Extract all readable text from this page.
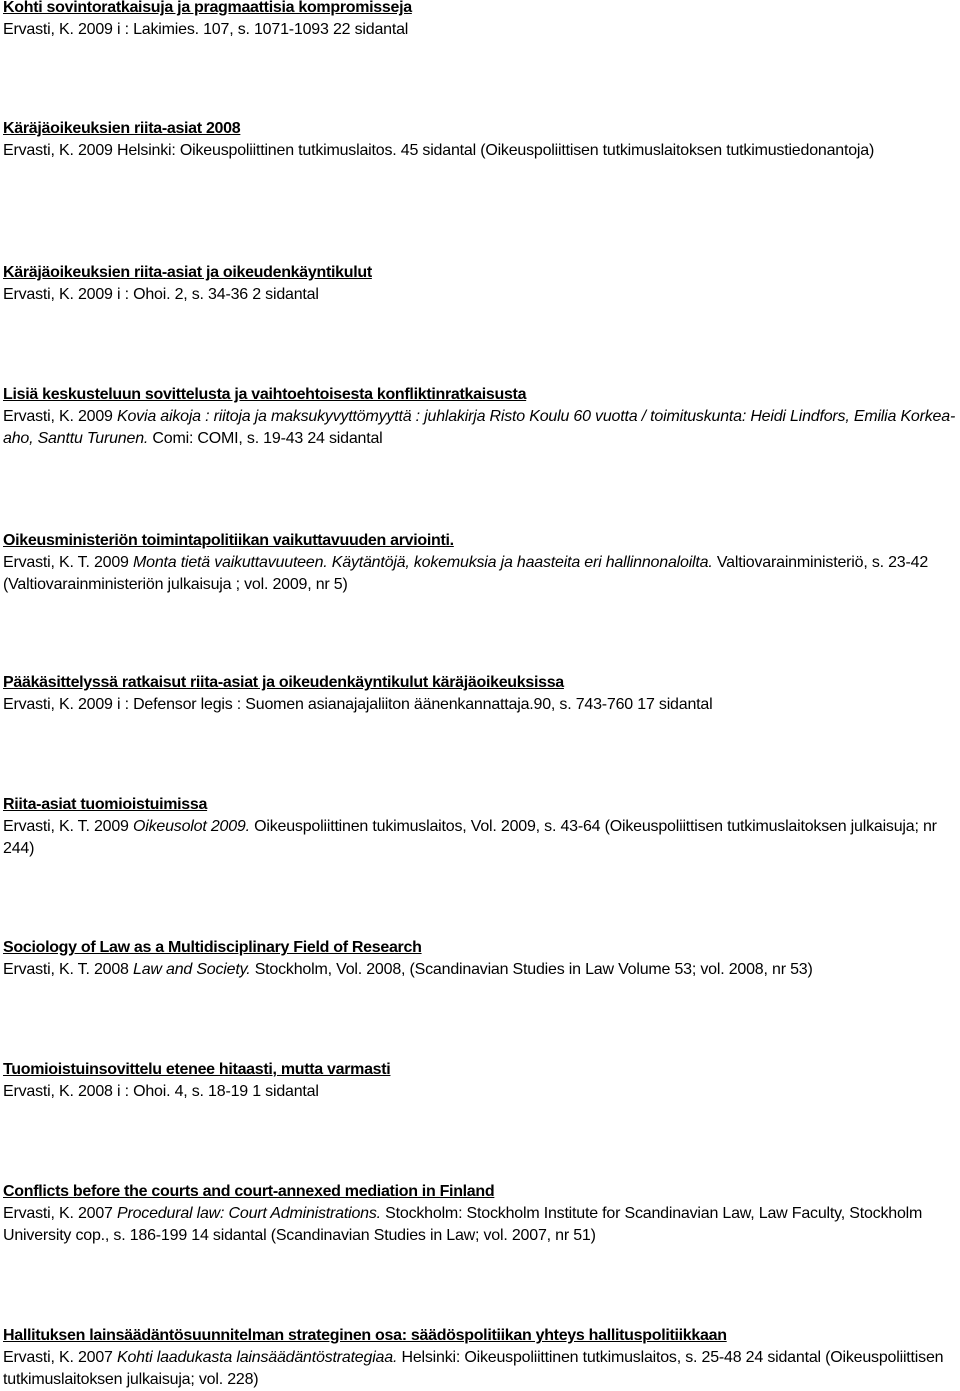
Kohti sovintoratkaisuja ja pragmaattisia kompromisseja
Ervasti, K. 2009 i : Lakimies. 107, s. 1071-1093 22 sidantal
Käräjäoikeuksien riita-asiat 2008
Ervasti, K. 2009 Helsinki: Oikeuspoliittinen tutkimuslaitos. 45 sidantal (Oikeuspoliittisen tutkimuslaitoksen tutkimustiedonantoja)
Käräjäoikeuksien riita-asiat ja oikeudenkäyntikulut
Ervasti, K. 2009 i : Ohoi. 2, s. 34-36 2 sidantal
Lisiä keskusteluun sovittelusta ja vaihtoehtoisesta konfliktinratkaisusta
Ervasti, K. 2009 Kovia aikoja : riitoja ja maksukyvyttömyyttä : juhlakirja Risto Koulu 60 vuotta / toimituskunta: Heidi Lindfors, Emilia Korkea-aho, Santtu Turunen. Comi: COMI, s. 19-43 24 sidantal
Oikeusministeriön toimintapolitiikan vaikuttavuuden arviointi.
Ervasti, K. T. 2009 Monta tietä vaikuttavuuteen. Käytäntöjä, kokemuksia ja haasteita eri hallinnonaloilta. Valtiovarainministeriö, s. 23-42 (Valtiovarainministeriön julkaisuja ; vol. 2009, nr 5)
Pääkäsittelyssä ratkaisut riita-asiat ja oikeudenkäyntikulut käräjäoikeuksissa
Ervasti, K. 2009 i : Defensor legis : Suomen asianajajaliiton äänenkannattaja.90, s. 743-760 17 sidantal
Riita-asiat tuomioistuimissa
Ervasti, K. T. 2009 Oikeusolot 2009. Oikeuspoliittinen tukimuslaitos, Vol. 2009, s. 43-64 (Oikeuspoliittisen tutkimuslaitoksen julkaisuja; nr 244)
Sociology of Law as a Multidisciplinary Field of Research
Ervasti, K. T. 2008 Law and Society. Stockholm, Vol. 2008, (Scandinavian Studies in Law Volume 53; vol. 2008, nr 53)
Tuomioistuinsovittelu etenee hitaasti, mutta varmasti
Ervasti, K. 2008 i : Ohoi. 4, s. 18-19 1 sidantal
Conflicts before the courts and court-annexed mediation in Finland
Ervasti, K. 2007 Procedural law: Court Administrations. Stockholm: Stockholm Institute for Scandinavian Law, Law Faculty, Stockholm University cop., s. 186-199 14 sidantal (Scandinavian Studies in Law; vol. 2007, nr 51)
Hallituksen lainsäädäntösuunnitelman strateginen osa: säädöspolitiikan yhteys hallituspolitiikkaan
Ervasti, K. 2007 Kohti laadukasta lainsäädäntöstrategiaa. Helsinki: Oikeuspoliittinen tutkimuslaitos, s. 25-48 24 sidantal (Oikeuspoliittisen tutkimuslaitoksen julkaisuja; vol. 228)
